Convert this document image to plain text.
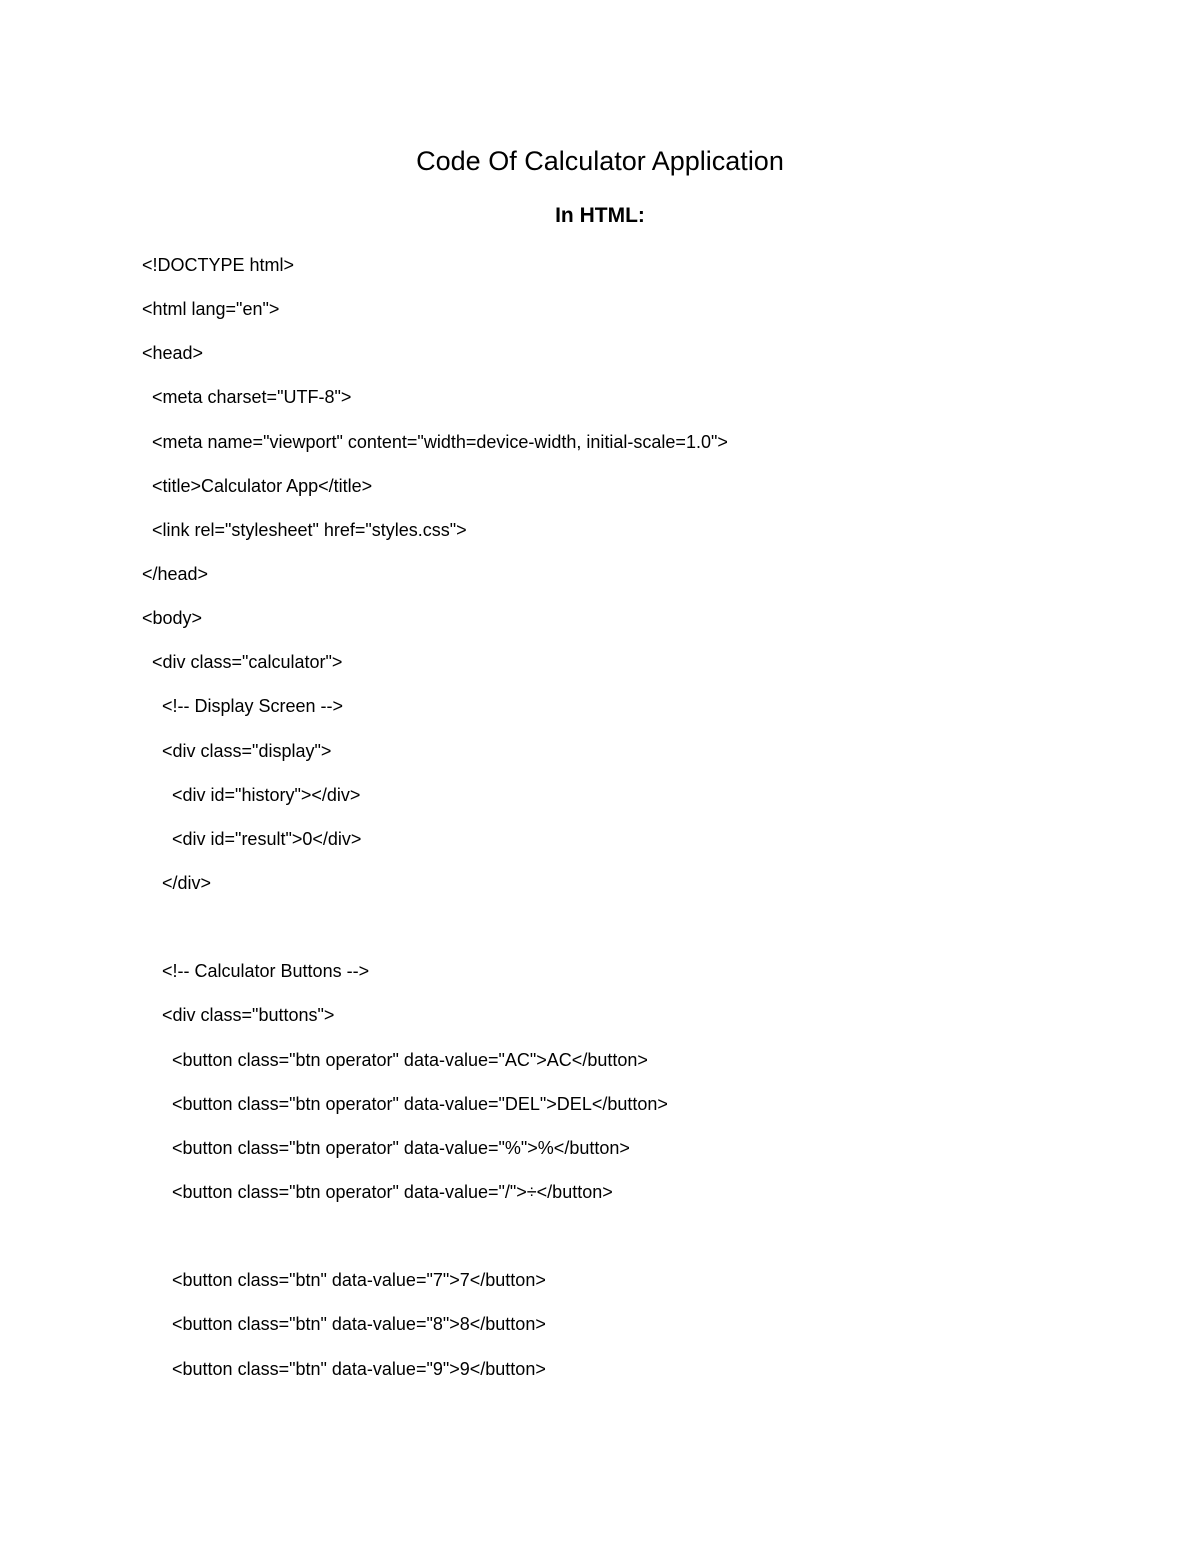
Code Of Calculator Application
In HTML:
<!DOCTYPE html>
<html lang="en">
<head>
<meta charset="UTF-8">
<meta name="viewport" content="width=device-width, initial-scale=1.0">
<title>Calculator App</title>
<link rel="stylesheet" href="styles.css">
</head>
<body>
<div class="calculator">
<!-- Display Screen -->
<div class="display">
<div id="history"></div>
<div id="result">0</div>
</div>
<!-- Calculator Buttons -->
<div class="buttons">
<button class="btn operator" data-value="AC">AC</button>
<button class="btn operator" data-value="DEL">DEL</button>
<button class="btn operator" data-value="%">%</button>
<button class="btn operator" data-value="/">÷</button>
<button class="btn" data-value="7">7</button>
<button class="btn" data-value="8">8</button>
<button class="btn" data-value="9">9</button>
